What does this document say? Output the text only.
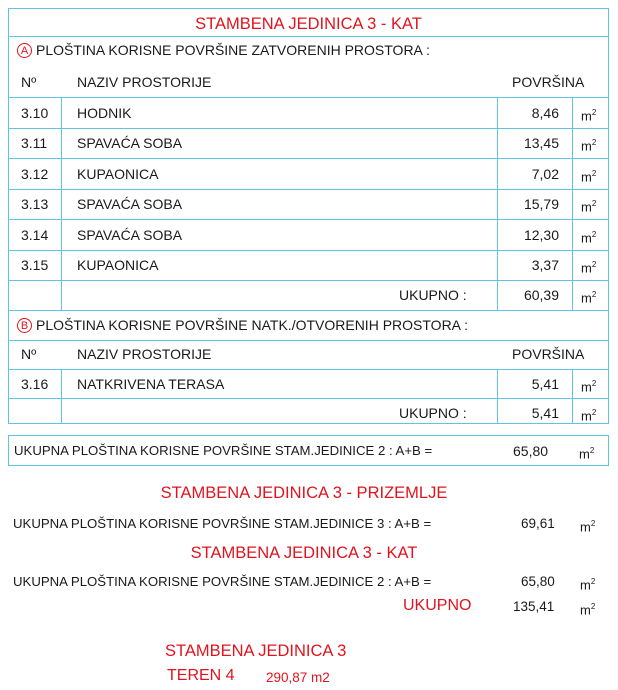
STAMBENA JEDINICA 3 - KAT
A PLOŠTINA KORISNE POVRŠINE ZATVORENIH PROSTORA :
Nº	NAZIV PROSTORIJE	POVRŠINA
3.10 HODNIK	8,46 $m^2$
3.11 SPAVAĆA SOBA	13,45 $m^2$
3.12 KUPAONICA	7,02 $m^2$
3.13 SPAVAĆA SOBA	15,79 $m^2$
3.14 SPAVAĆA SOBA	12,30 $m^2$
3.15 KUPAONICA	3,37 $m^2$
UKUPNO :	60,39 $m^2$
B PLOŠTINA KORISNE POVRŠINE NATK./OTVORENIH PROSTORA :
Nº	NAZIV PROSTORIJE	POVRŠINA
3.16 NATKRIVENA TERASA	5,41 $m^2$
UKUPNO :	5,41 $m^2$
UKUPNA PLOŠTINA KORISNE POVRŠINE STAM.JEDINICE 2 : A+B =	65,80 $m^2$
STAMBENA JEDINICA 3 - PRIZEMLJE
UKUPNA PLOŠTINA KORISNE POVRŠINE STAM.JEDINICE 3 : A+B =	69,61 $m^2$
STAMBENA JEDINICA 3 - KAT
UKUPNA PLOŠTINA KORISNE POVRŠINE STAM.JEDINICE 2 : A+B =	65,80 $m^2$
UKUPNO	135,41 $m^2$
STAMBENA JEDINICA 3
TEREN 4 290,87 m2
